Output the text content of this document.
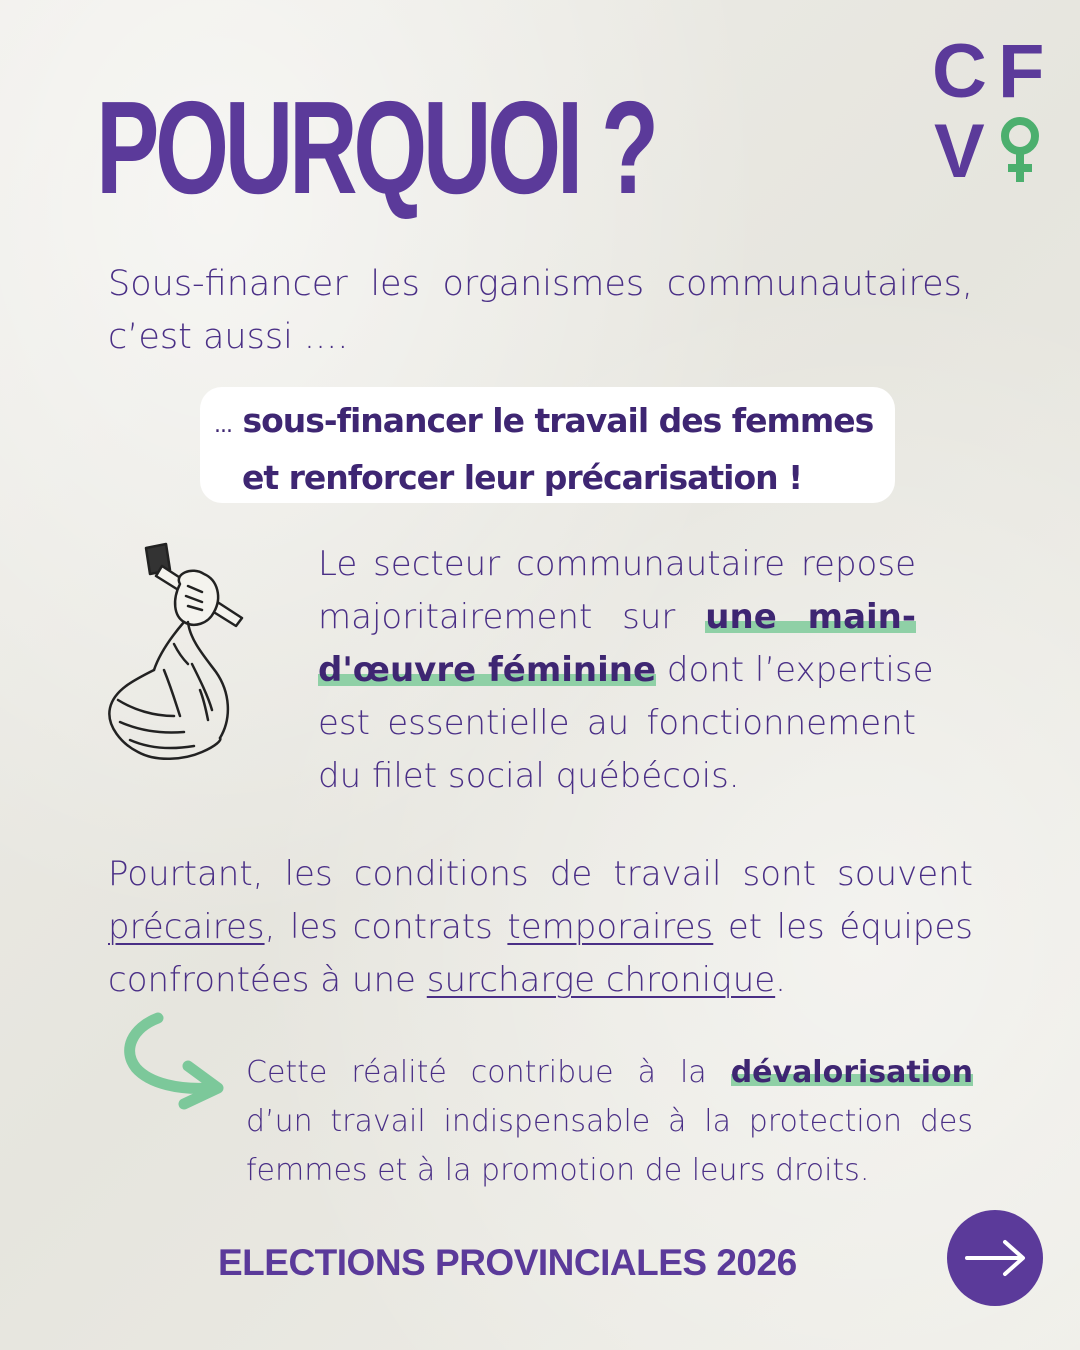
POURQUOI ?
C F
V
Sous-financer les organismes communautaires,
c’est aussi ....
... sous-financer le travail des femmes
et renforcer leur précarisation !
Le secteur communautaire repose
majoritairement sur une main-
d'œuvre féminine dont l’expertise
est essentielle au fonctionnement
du filet social québécois.
Pourtant, les conditions de travail sont souvent
précaires, les contrats temporaires et les équipes
confrontées à une surcharge chronique.
Cette réalité contribue à la dévalorisation
d’un travail indispensable à la protection des
femmes et à la promotion de leurs droits.
ELECTIONS PROVINCIALES 2026
